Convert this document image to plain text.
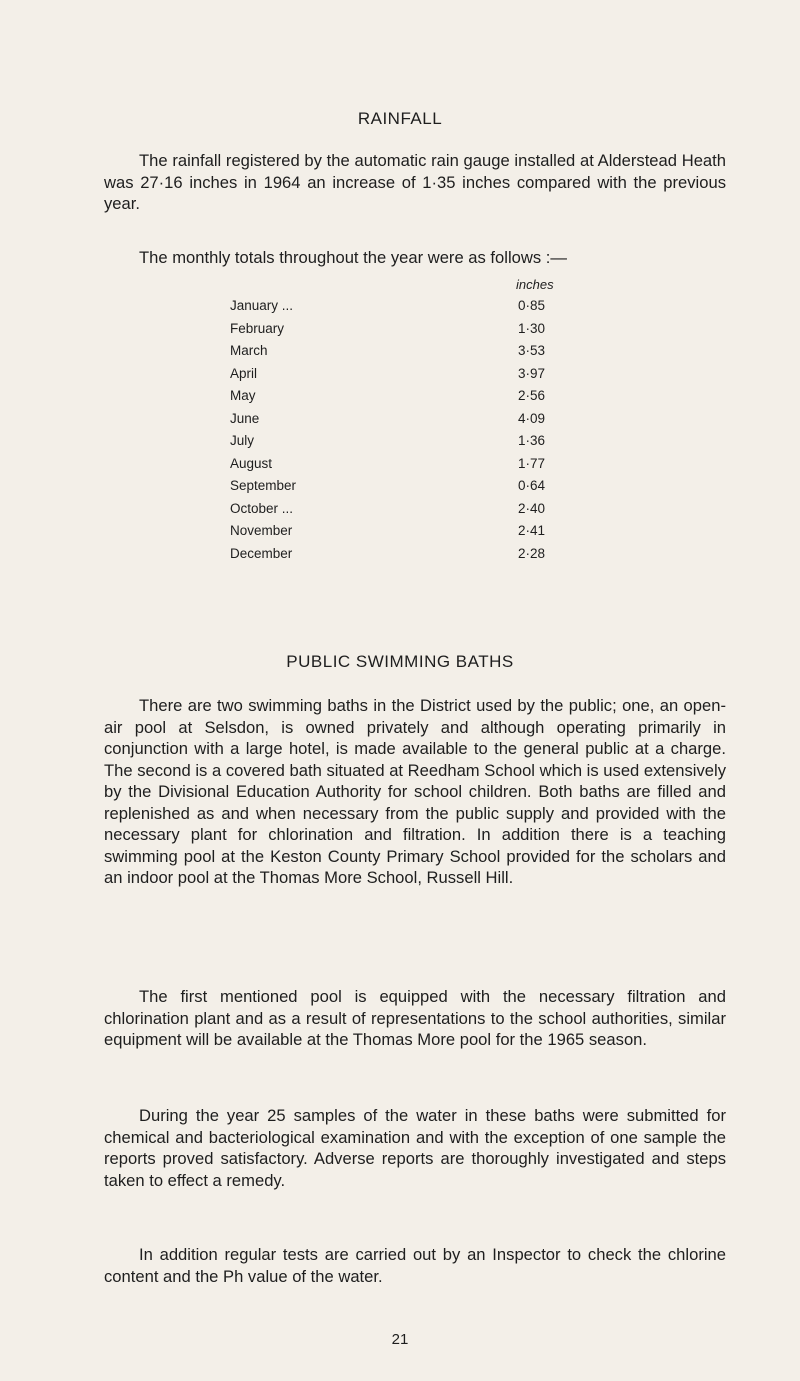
RAINFALL

The rainfall registered by the automatic rain gauge installed at Alderstead Heath was 27·16 inches in 1964 an increase of 1·35 inches compared with the previous year.

The monthly totals throughout the year were as follows :—

inches
January ...	0·85
February	1·30
March	3·53
April	3·97
May	2·56
June	4·09
July	1·36
August	1·77
September	0·64
October ...	2·40
November	2·41
December	2·28
PUBLIC SWIMMING BATHS

There are two swimming baths in the District used by the public; one, an open-air pool at Selsdon, is owned privately and although operating primarily in conjunction with a large hotel, is made available to the general public at a charge. The second is a covered bath situated at Reedham School which is used extensively by the Divisional Education Authority for school children. Both baths are filled and replenished as and when necessary from the public supply and provided with the necessary plant for chlorination and filtration. In addition there is a teaching swimming pool at the Keston County Primary School provided for the scholars and an indoor pool at the Thomas More School, Russell Hill.

The first mentioned pool is equipped with the necessary filtration and chlorination plant and as a result of representations to the school authorities, similar equipment will be available at the Thomas More pool for the 1965 season.

During the year 25 samples of the water in these baths were submitted for chemical and bacteriological examination and with the exception of one sample the reports proved satisfactory. Adverse reports are thoroughly investigated and steps taken to effect a remedy.

In addition regular tests are carried out by an Inspector to check the chlorine content and the Ph value of the water.

21
